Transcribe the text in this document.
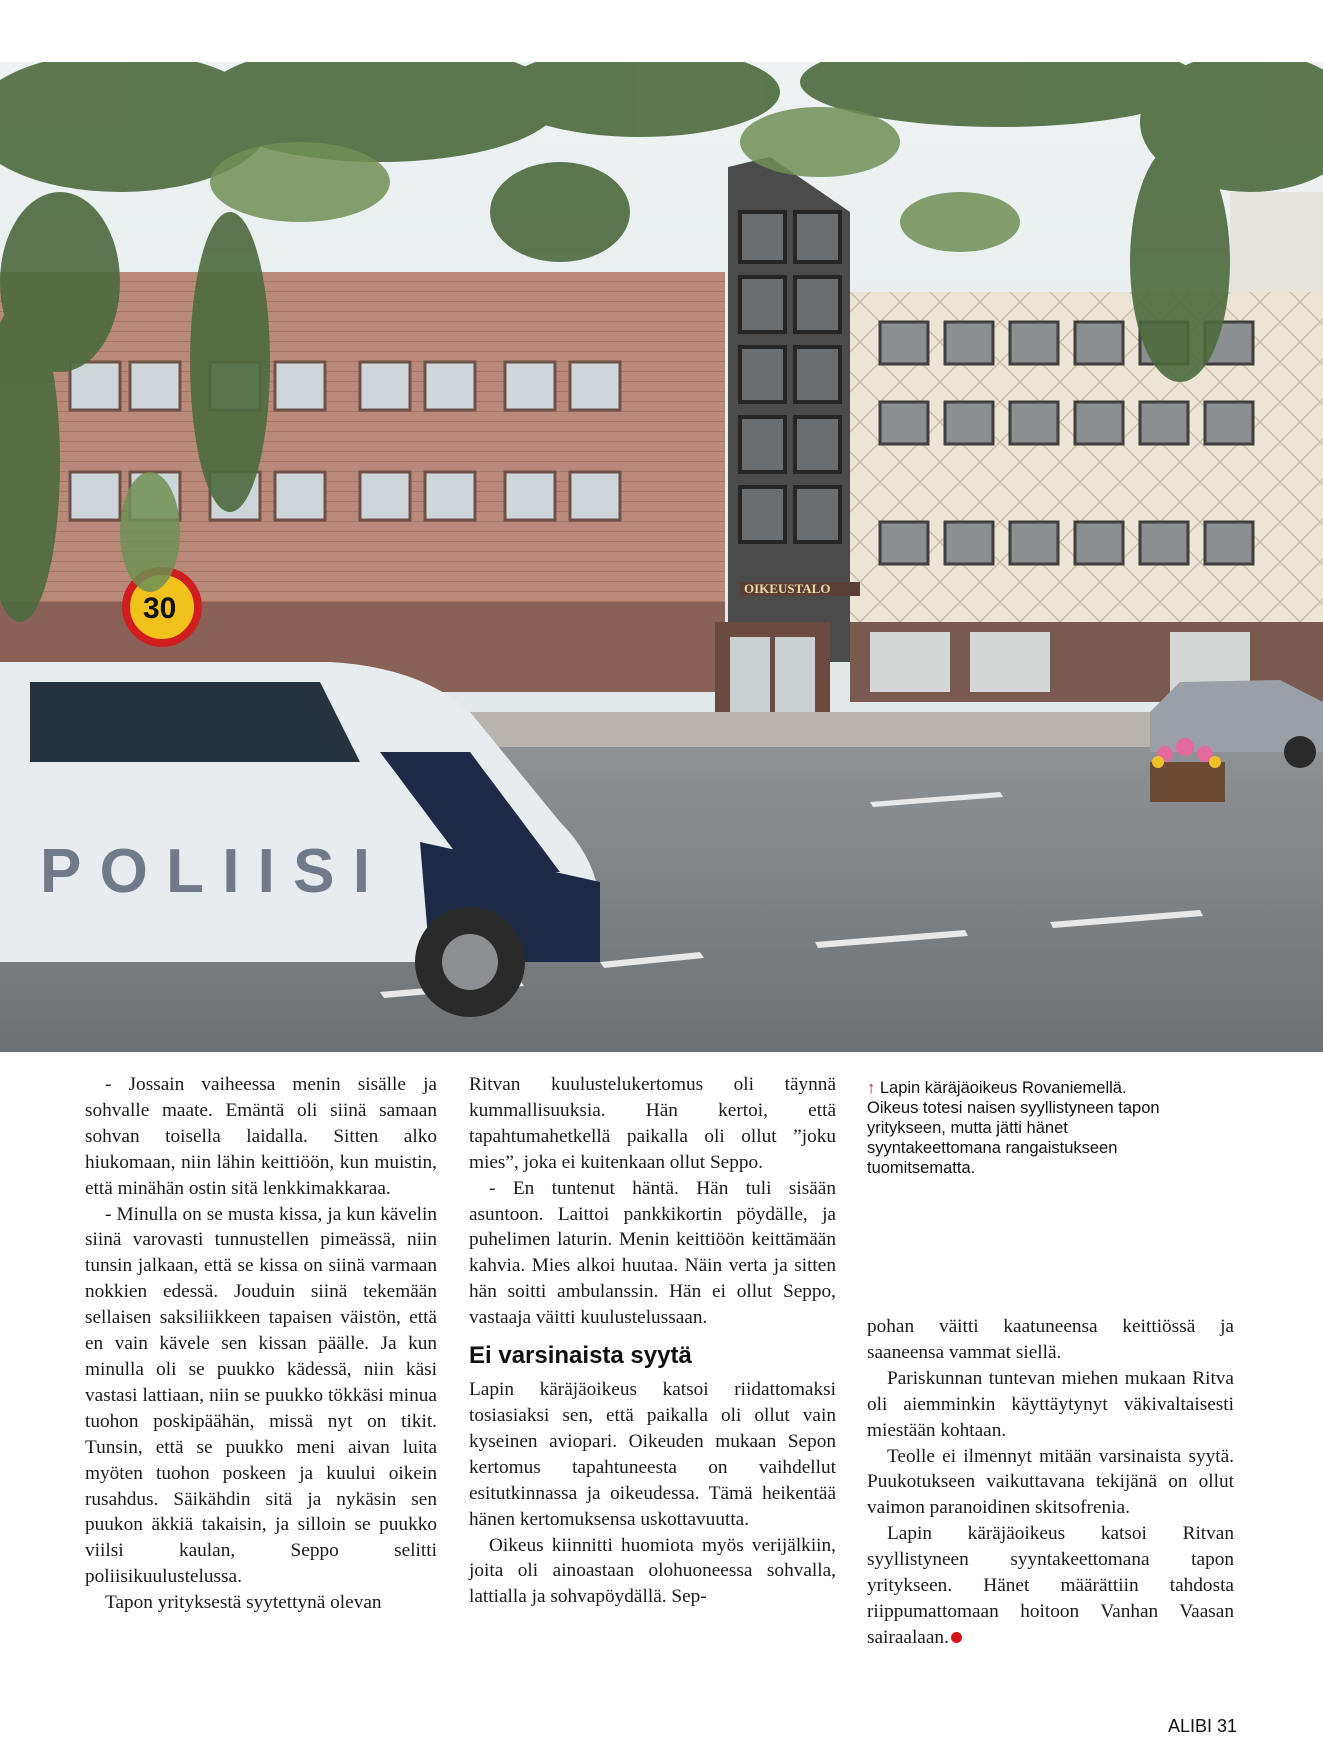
OIKEUSTALO
30
POLIISI
↑ Lapin käräjäoikeus Rovaniemellä. Oikeus totesi naisen syyllistyneen tapon yritykseen, mutta jätti hänet syyntakeettomana rangaistukseen tuomitsematta.

- Jossain vaiheessa menin sisälle ja sohvalle maate. Emäntä oli siinä samaan sohvan toisella laidalla. Sitten alko hiukomaan, niin lähin keittiöön, kun muistin, että minähän ostin sitä lenkkimakkaraa.

- Minulla on se musta kissa, ja kun kävelin siinä varovasti tunnustellen pimeässä, niin tunsin jalkaan, että se kissa on siinä varmaan nokkien edessä. Jouduin siinä tekemään sellaisen saksiliikkeen tapaisen väistön, että en vain kävele sen kissan päälle. Ja kun minulla oli se puukko kädessä, niin käsi vastasi lattiaan, niin se puukko tökkäsi minua tuohon poskipäähän, missä nyt on tikit. Tunsin, että se puukko meni aivan luita myöten tuohon poskeen ja kuului oikein rusahdus. Säikähdin sitä ja nykäsin sen puukon äkkiä takaisin, ja silloin se puukko viilsi kaulan, Seppo selitti poliisikuulustelussa.

Tapon yrityksestä syytettynä olevan

Ritvan kuulustelukertomus oli täynnä kummallisuuksia. Hän kertoi, että tapahtumahetkellä paikalla oli ollut ”joku mies”, joka ei kuitenkaan ollut Seppo.

- En tuntenut häntä. Hän tuli sisään asuntoon. Laittoi pankkikortin pöydälle, ja puhelimen laturin. Menin keittiöön keittämään kahvia. Mies alkoi huutaa. Näin verta ja sitten hän soitti ambulanssin. Hän ei ollut Seppo, vastaaja väitti kuulustelussaan.

Ei varsinaista syytä

Lapin käräjäoikeus katsoi riidattomaksi tosiasiaksi sen, että paikalla oli ollut vain kyseinen aviopari. Oikeuden mukaan Sepon kertomus tapahtuneesta on vaihdellut esitutkinnassa ja oikeudessa. Tämä heikentää hänen kertomuksensa uskottavuutta.

Oikeus kiinnitti huomiota myös verijälkiin, joita oli ainoastaan olohuoneessa sohvalla, lattialla ja sohvapöydällä. Sep-

pohan väitti kaatuneensa keittiössä ja saaneensa vammat siellä.

Pariskunnan tuntevan miehen mukaan Ritva oli aiemminkin käyttäytynyt väkivaltaisesti miestään kohtaan.

Teolle ei ilmennyt mitään varsinaista syytä. Puukotukseen vaikuttavana tekijänä on ollut vaimon paranoidinen skitsofrenia.

Lapin käräjäoikeus katsoi Ritvan syyllistyneen syyntakeettomana tapon yritykseen. Hänet määrättiin tahdosta riippumattomaan hoitoon Vanhan Vaasan sairaalaan.

ALIBI 31
